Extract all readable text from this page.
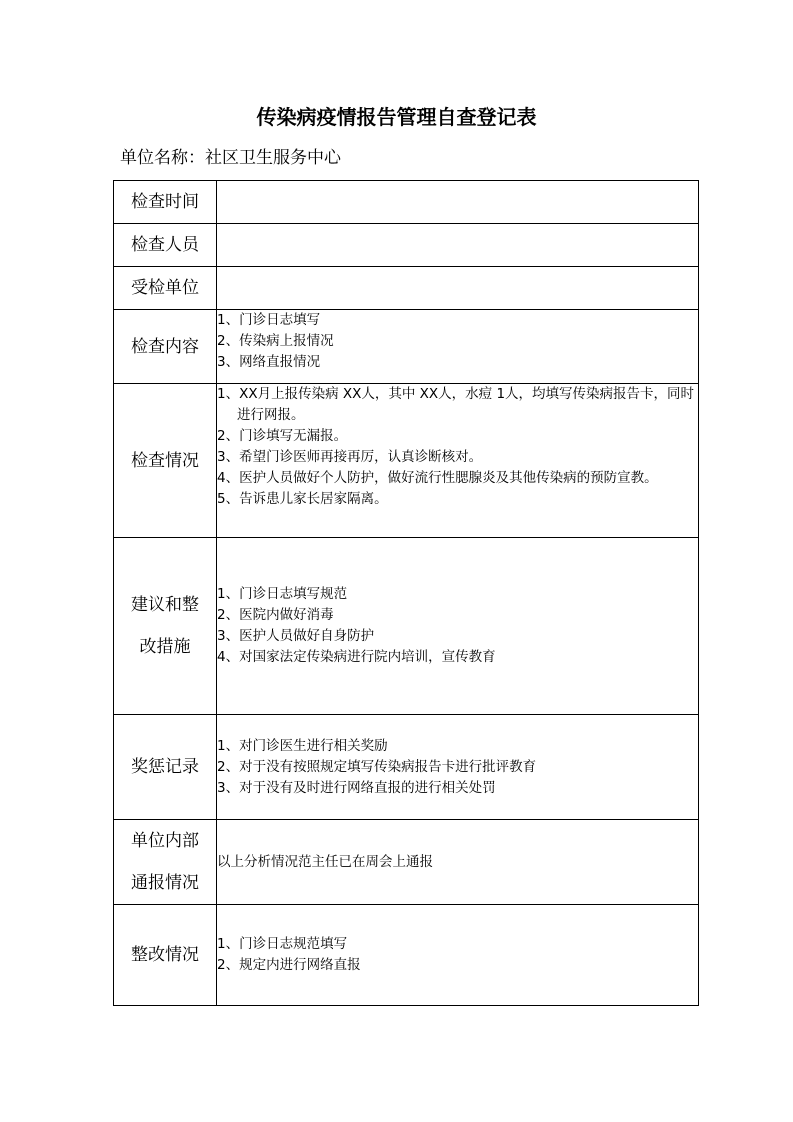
传染病疫情报告管理自查登记表
单位名称：社区卫生服务中心
检查时间	
检查人员	
受检单位	
检查内容	1、门诊日志填写
2、传染病上报情况
3、网络直报情况

检查情况	1、XX月上报传染病 XX人，其中 XX人，水痘 1人，均填写传染病报告卡，同时进行网报。
2、门诊填写无漏报。
3、希望门诊医师再接再厉，认真诊断核对。
4、医护人员做好个人防护，做好流行性腮腺炎及其他传染病的预防宣教。
5、告诉患儿家长居家隔离。

建议和整
改措施	1、门诊日志填写规范
2、医院内做好消毒
3、医护人员做好自身防护
4、对国家法定传染病进行院内培训，宣传教育

奖惩记录	1、对门诊医生进行相关奖励
2、对于没有按照规定填写传染病报告卡进行批评教育
3、对于没有及时进行网络直报的进行相关处罚

单位内部
通报情况	以上分析情况范主任已在周会上通报

整改情况	1、门诊日志规范填写
2、规定内进行网络直报
